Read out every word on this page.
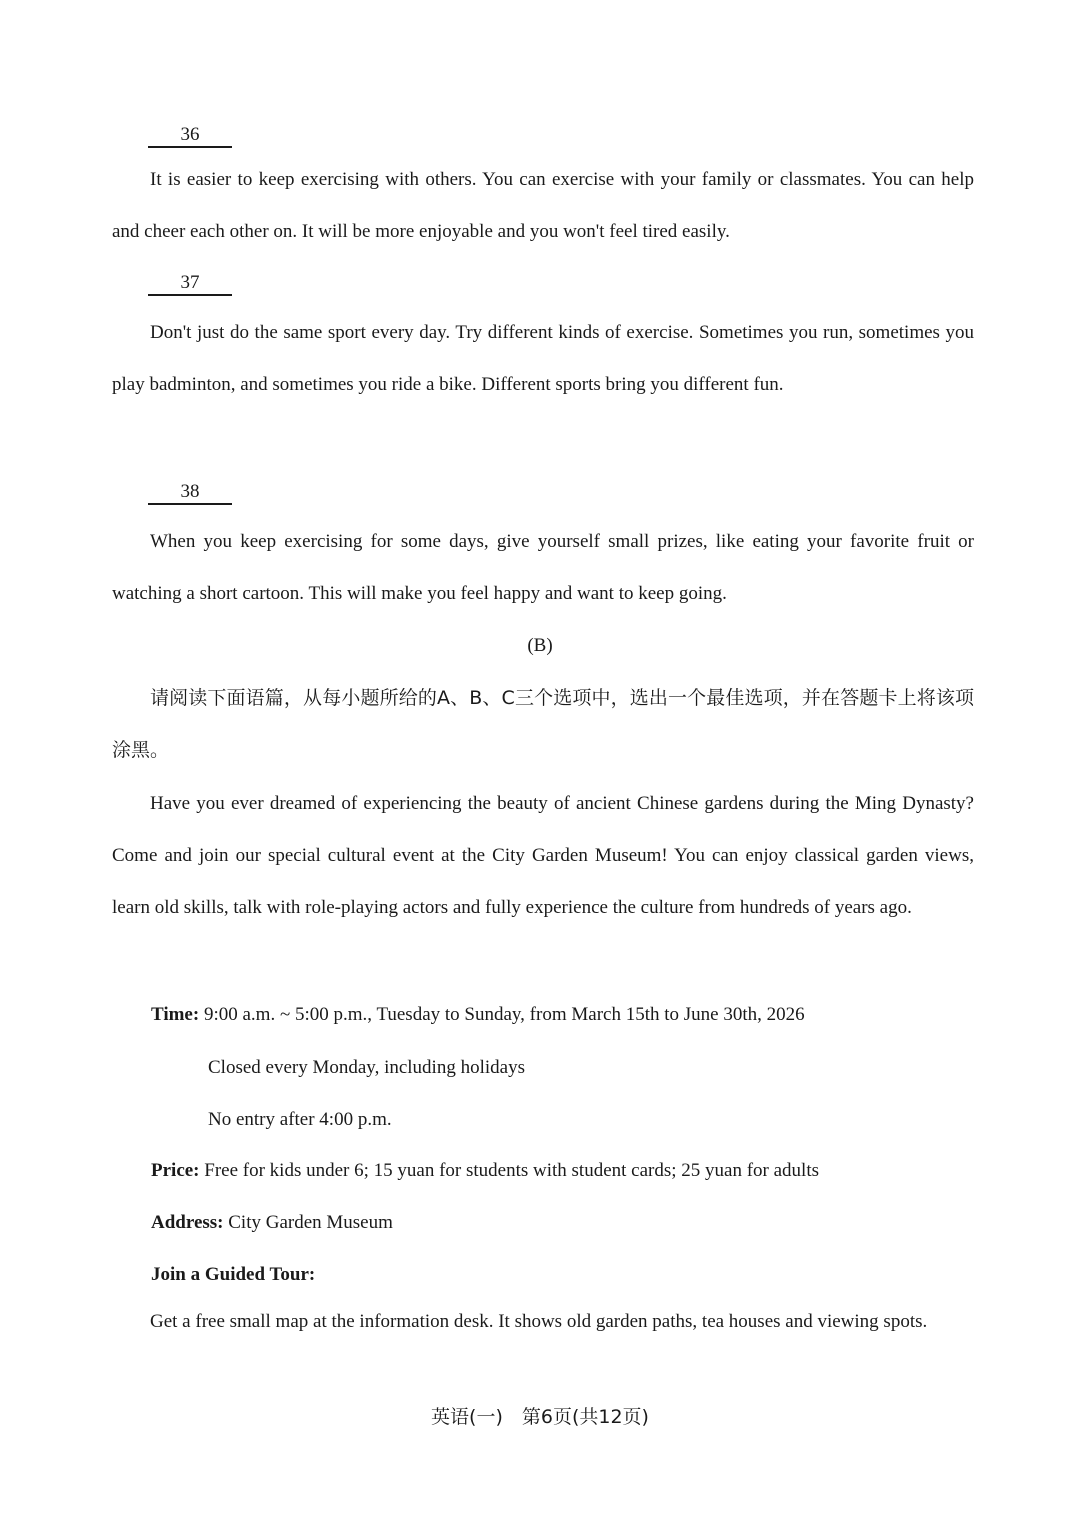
36

It is easier to keep exercising with others. You can exercise with your family or classmates. You can help and cheer each other on. It will be more enjoyable and you won't feel tired easily.

37

Don't just do the same sport every day. Try different kinds of exercise. Sometimes you run, sometimes you play badminton, and sometimes you ride a bike. Different sports bring you different fun.

38

When you keep exercising for some days, give yourself small prizes, like eating your favorite fruit or watching a short cartoon. This will make you feel happy and want to keep going.

(B)

请阅读下面语篇，从每小题所给的A、B、C三个选项中，选出一个最佳选项，并在答题卡上将该项涂黑。

Have you ever dreamed of experiencing the beauty of ancient Chinese gardens during the Ming Dynasty? Come and join our special cultural event at the City Garden Museum! You can enjoy classical garden views, learn old skills, talk with role-playing actors and fully experience the culture from hundreds of years ago.

Time: 9:00 a.m. ~ 5:00 p.m., Tuesday to Sunday, from March 15th to June 30th, 2026
Closed every Monday, including holidays
No entry after 4:00 p.m.
Price: Free for kids under 6; 15 yuan for students with student cards; 25 yuan for adults
Address: City Garden Museum
Join a Guided Tour:

Get a free small map at the information desk. It shows old garden paths, tea houses and viewing spots.

英语(一)　第6页(共12页)
